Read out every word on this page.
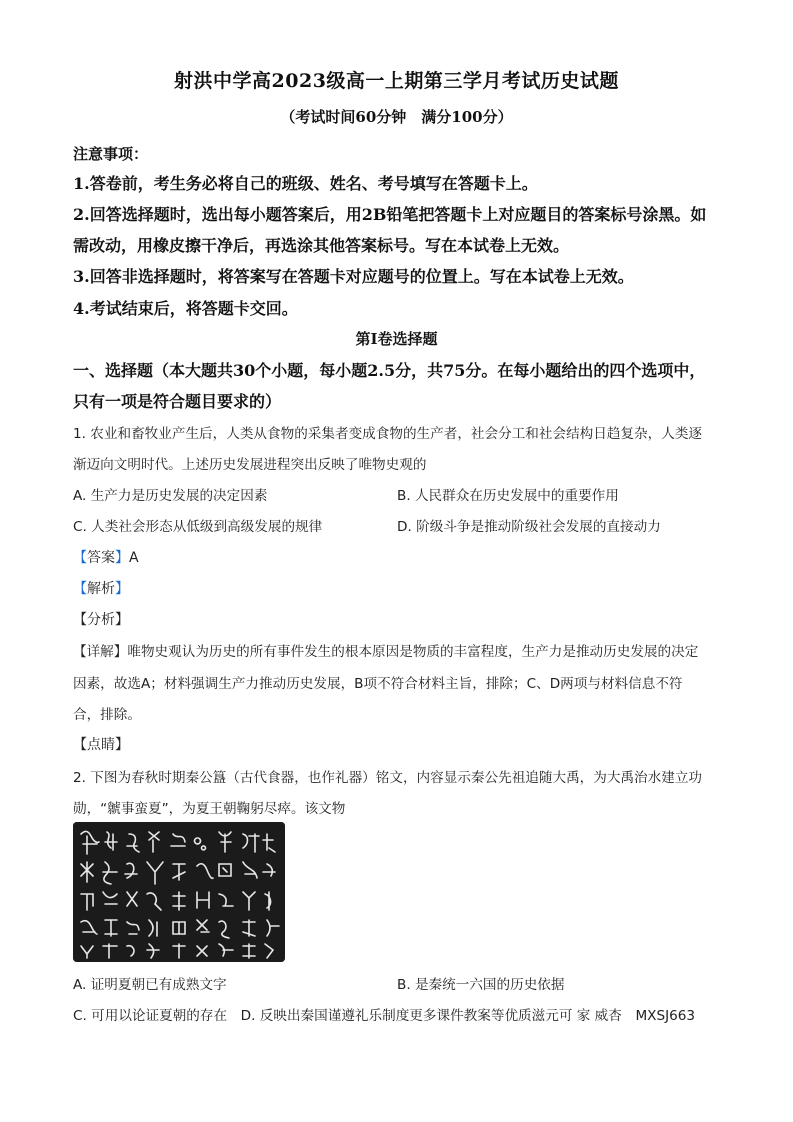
射洪中学高2023级高一上期第三学月考试历史试题
（考试时间60分钟　满分100分）
注意事项：
1.答卷前，考生务必将自己的班级、姓名、考号填写在答题卡上。
2.回答选择题时，选出每小题答案后，用2B铅笔把答题卡上对应题目的答案标号涂黑。如
需改动，用橡皮擦干净后，再选涂其他答案标号。写在本试卷上无效。
3.回答非选择题时，将答案写在答题卡对应题号的位置上。写在本试卷上无效。
4.考试结束后，将答题卡交回。
第Ⅰ卷选择题
一、选择题（本大题共30个小题，每小题2.5分，共75分。在每小题给出的四个选项中，
只有一项是符合题目要求的）
1. 农业和畜牧业产生后，人类从食物的采集者变成食物的生产者，社会分工和社会结构日趋复杂，人类逐
渐迈向文明时代。上述历史发展进程突出反映了唯物史观的
A. 生产力是历史发展的决定因素	B. 人民群众在历史发展中的重要作用
C. 人类社会形态从低级到高级发展的规律	D. 阶级斗争是推动阶级社会发展的直接动力
【答案】A
【解析】
【分析】
【详解】唯物史观认为历史的所有事件发生的根本原因是物质的丰富程度，生产力是推动历史发展的决定
因素，故选A；材料强调生产力推动历史发展，B项不符合材料主旨，排除；C、D两项与材料信息不符
合，排除。
【点睛】
2. 下图为春秋时期秦公簋（古代食器，也作礼器）铭文，内容显示秦公先祖追随大禹，为大禹治水建立功
勋，“虩事蛮夏”，为夏王朝鞠躬尽瘁。该文物
A. 证明夏朝已有成熟文字	B. 是秦统一六国的历史依据
C. 可用以论证夏朝的存在　D. 反映出秦国谨遵礼乐制度更多课件教案等优质滋元可 家 威杏　MXSJ663
